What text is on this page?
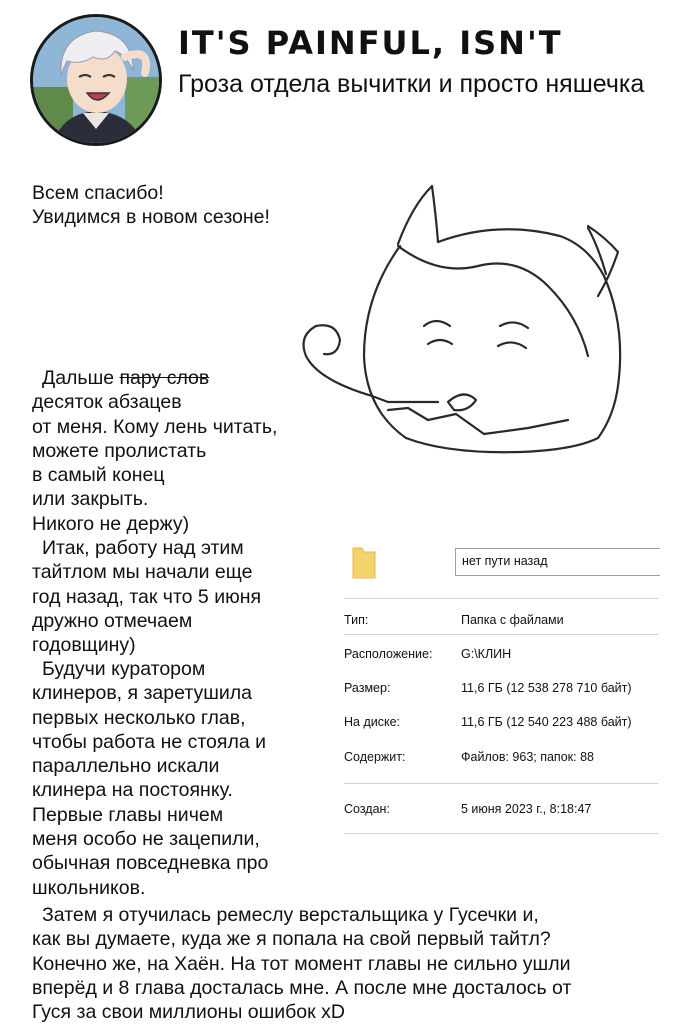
IT'S PAINFUL, ISN'T
Гроза отдела вычитки и просто няшечка

Всем спасибо!

Увидимся в новом сезоне!

Дальше пару слов

десяток абзацев

от меня. Кому лень читать,

можете пролистать

в самый конец

или закрыть.

Никого не держу)

Итак, работу над этим

тайтлом мы начали еще

год назад, так что 5 июня

дружно отмечаем

годовщину)

Будучи куратором

клинеров, я заретушила

первых несколько глав,

чтобы работа не стояла и

параллельно искали

клинера на постоянку.

Первые главы ничем

меня особо не зацепили,

обычная повседневка про

школьников.

нет пути назад
Тип:	Папка с файлами
Расположение: G:\КЛИН
Размер:	11,6 ГБ (12 538 278 710 байт)
На диске:	11,6 ГБ (12 540 223 488 байт)
Содержит:	Файлов: 963; папок: 88
Создан:	5 июня 2023 г., 8:18:47

Затем я отучилась ремеслу верстальщика у Гусечки и,

как вы думаете, куда же я попала на свой первый тайтл?

Конечно же, на Хаён. На тот момент главы не сильно ушли

вперёд и 8 глава досталась мне. А после мне досталось от

Гуся за свои миллионы ошибок xD
